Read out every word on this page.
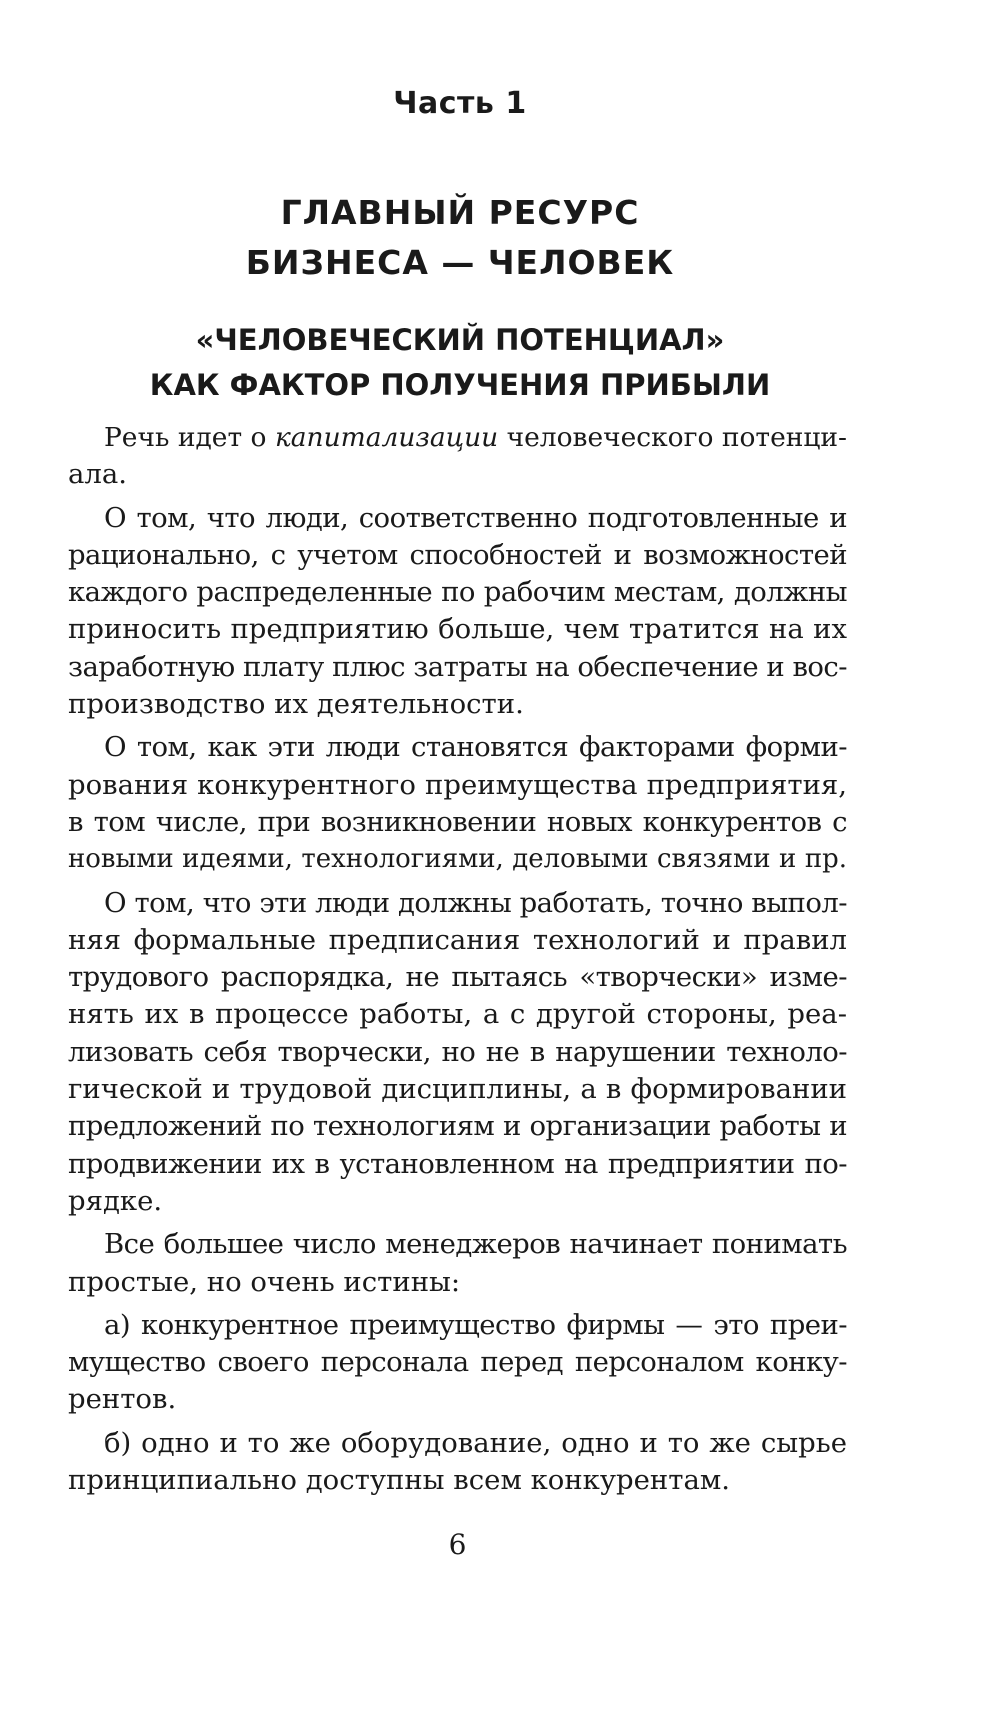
Часть 1
ГЛАВНЫЙ РЕСУРС
БИЗНЕСА — ЧЕЛОВЕК
«ЧЕЛОВЕЧЕСКИЙ ПОТЕНЦИАЛ»
КАК ФАКТОР ПОЛУЧЕНИЯ ПРИБЫЛИ
Речь идет о капитализации человеческого потенци-
ала.
О том, что люди, соответственно подготовленные и
рационально, с учетом способностей и возможностей
каждого распределенные по рабочим местам, должны
приносить предприятию больше, чем тратится на их
заработную плату плюс затраты на обеспечение и вос-
производство их деятельности.
О том, как эти люди становятся факторами форми-
рования конкурентного преимущества предприятия,
в том числе, при возникновении новых конкурентов с
новыми идеями, технологиями, деловыми связями и пр.
О том, что эти люди должны работать, точно выпол-
няя формальные предписания технологий и правил
трудового распорядка, не пытаясь «творчески» изме-
нять их в процессе работы, а с другой стороны, реа-
лизовать себя творчески, но не в нарушении техноло-
гической и трудовой дисциплины, а в формировании
предложений по технологиям и организации работы и
продвижении их в установленном на предприятии по-
рядке.
Все большее число менеджеров начинает понимать
простые, но очень истины:
а) конкурентное преимущество фирмы — это преи-
мущество своего персонала перед персоналом конку-
рентов.
б) одно и то же оборудование, одно и то же сырье
принципиально доступны всем конкурентам.
6
